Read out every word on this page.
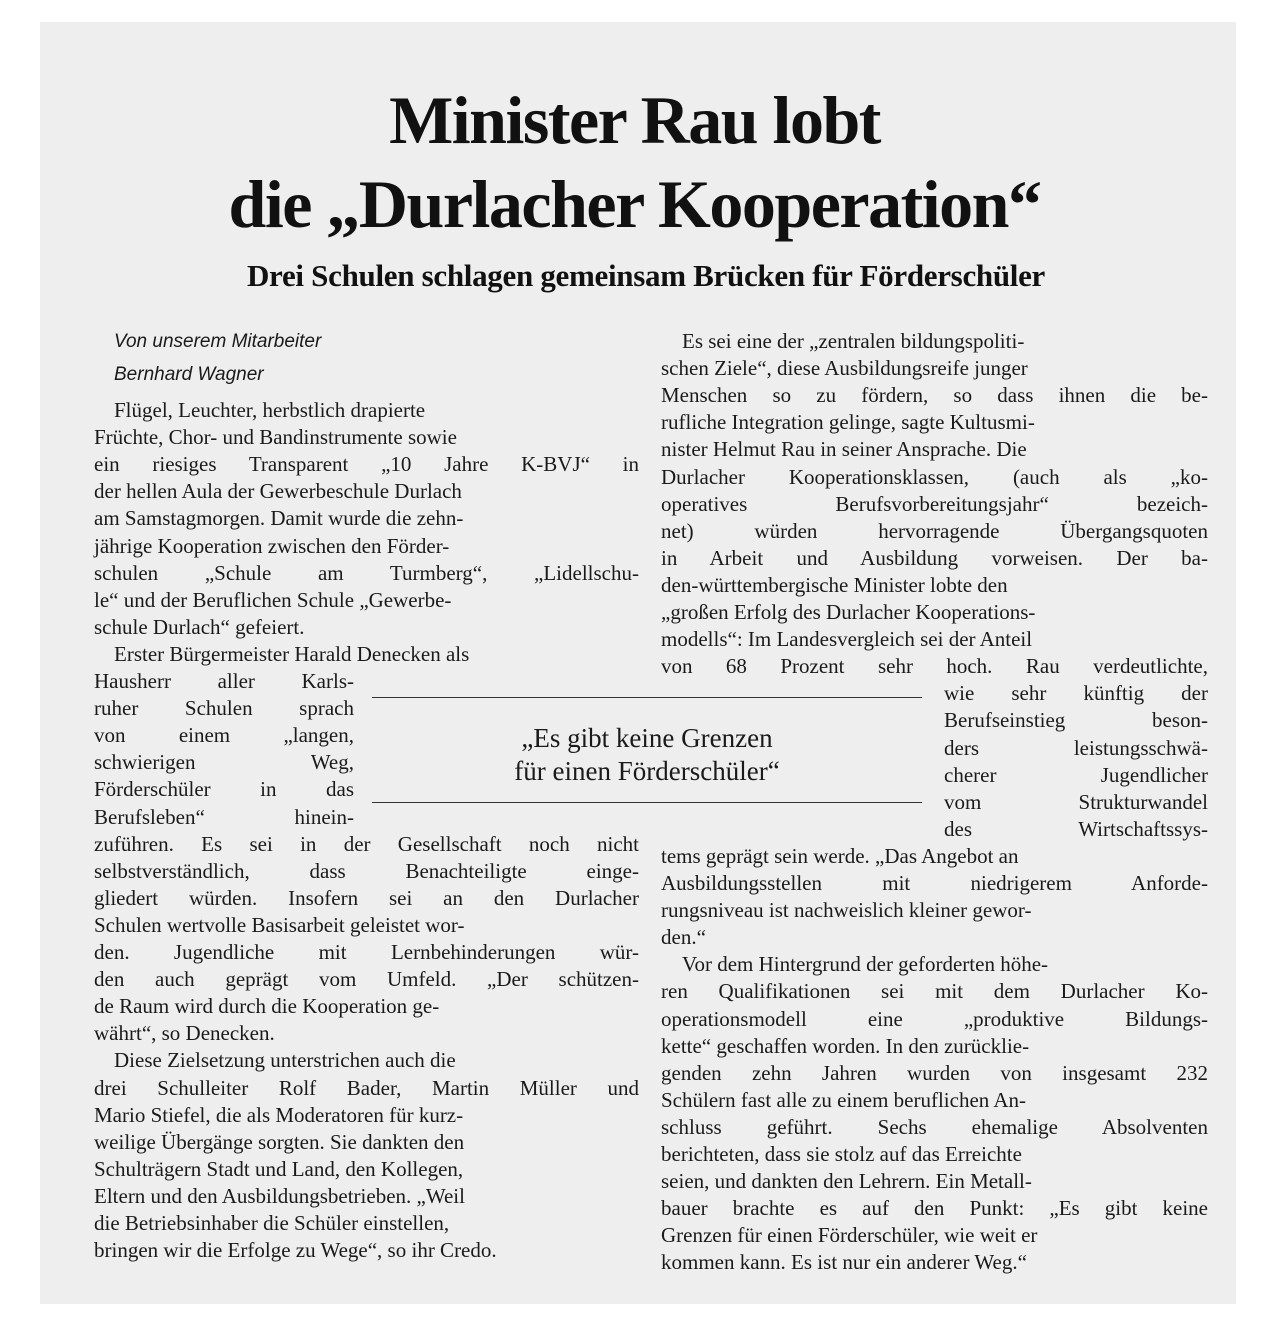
Minister Rau lobt
die „Durlacher Kooperation“
Drei Schulen schlagen gemeinsam Brücken für Förderschüler
Von unserem Mitarbeiter
Bernhard Wagner
Flügel, Leuchter, herbstlich drapierte
Früchte, Chor- und Bandinstrumente sowie
ein riesiges Transparent „10 Jahre K-BVJ“ in
der hellen Aula der Gewerbeschule Durlach
am Samstagmorgen. Damit wurde die zehn-
jährige Kooperation zwischen den Förder-
schulen „Schule am Turmberg“, „Lidellschu-
le“ und der Beruflichen Schule „Gewerbe-
schule Durlach“ gefeiert.
Erster Bürgermeister Harald Denecken als
Hausherr aller Karls-
ruher Schulen sprach
von einem „langen,
schwierigen Weg,
Förderschüler in das
Berufsleben“ hinein-
zuführen. Es sei in der Gesellschaft noch nicht
selbstverständlich, dass Benachteiligte einge-
gliedert würden. Insofern sei an den Durlacher
Schulen wertvolle Basisarbeit geleistet wor-
den. Jugendliche mit Lernbehinderungen wür-
den auch geprägt vom Umfeld. „Der schützen-
de Raum wird durch die Kooperation ge-
währt“, so Denecken.
Diese Zielsetzung unterstrichen auch die
drei Schulleiter Rolf Bader, Martin Müller und
Mario Stiefel, die als Moderatoren für kurz-
weilige Übergänge sorgten. Sie dankten den
Schulträgern Stadt und Land, den Kollegen,
Eltern und den Ausbildungsbetrieben. „Weil
die Betriebsinhaber die Schüler einstellen,
bringen wir die Erfolge zu Wege“, so ihr Credo.
Es sei eine der „zentralen bildungspoliti-
schen Ziele“, diese Ausbildungsreife junger
Menschen so zu fördern, so dass ihnen die be-
rufliche Integration gelinge, sagte Kultusmi-
nister Helmut Rau in seiner Ansprache. Die
Durlacher Kooperationsklassen, (auch als „ko-
operatives Berufsvorbereitungsjahr“ bezeich-
net) würden hervorragende Übergangsquoten
in Arbeit und Ausbildung vorweisen. Der ba-
den-württembergische Minister lobte den
„großen Erfolg des Durlacher Kooperations-
modells“: Im Landesvergleich sei der Anteil
von 68 Prozent sehr hoch. Rau verdeutlichte,
wie sehr künftig der
Berufseinstieg beson-
ders leistungsschwä-
cherer Jugendlicher
vom Strukturwandel
des Wirtschaftssys-
tems geprägt sein werde. „Das Angebot an
Ausbildungsstellen mit niedrigerem Anforde-
rungsniveau ist nachweislich kleiner gewor-
den.“
Vor dem Hintergrund der geforderten höhe-
ren Qualifikationen sei mit dem Durlacher Ko-
operationsmodell eine „produktive Bildungs-
kette“ geschaffen worden. In den zurücklie-
genden zehn Jahren wurden von insgesamt 232
Schülern fast alle zu einem beruflichen An-
schluss geführt. Sechs ehemalige Absolventen
berichteten, dass sie stolz auf das Erreichte
seien, und dankten den Lehrern. Ein Metall-
bauer brachte es auf den Punkt: „Es gibt keine
Grenzen für einen Förderschüler, wie weit er
kommen kann. Es ist nur ein anderer Weg.“
„Es gibt keine Grenzen
für einen Förderschüler“
